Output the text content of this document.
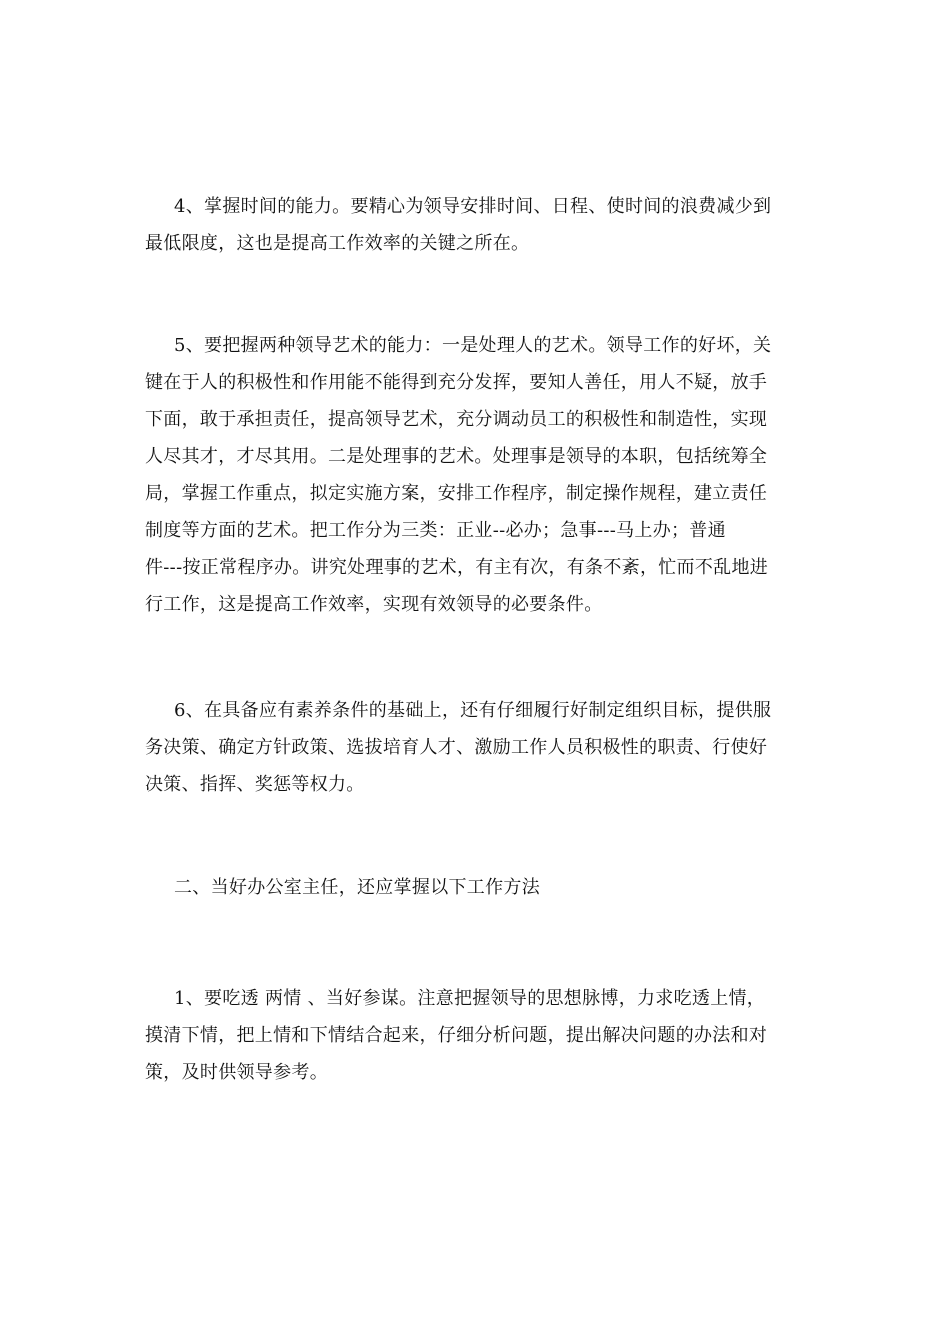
4、掌握时间的能力。要精心为领导安排时间、日程、使时间的浪费减少到
最低限度，这也是提高工作效率的关键之所在。
5、要把握两种领导艺术的能力：一是处理人的艺术。领导工作的好坏，关
键在于人的积极性和作用能不能得到充分发挥，要知人善任，用人不疑，放手
下面，敢于承担责任，提高领导艺术，充分调动员工的积极性和制造性，实现
人尽其才，才尽其用。二是处理事的艺术。处理事是领导的本职，包括统筹全
局，掌握工作重点，拟定实施方案，安排工作程序，制定操作规程，建立责任
制度等方面的艺术。把工作分为三类：正业--必办；急事---马上办；普通
件---按正常程序办。讲究处理事的艺术，有主有次，有条不紊，忙而不乱地进
行工作，这是提高工作效率，实现有效领导的必要条件。
6、在具备应有素养条件的基础上，还有仔细履行好制定组织目标，提供服
务决策、确定方针政策、选拔培育人才、激励工作人员积极性的职责、行使好
决策、指挥、奖惩等权力。
二、当好办公室主任，还应掌握以下工作方法
1、要吃透 两情 、当好参谋。注意把握领导的思想脉博，力求吃透上情，
摸清下情，把上情和下情结合起来，仔细分析问题，提出解决问题的办法和对
策，及时供领导参考。
